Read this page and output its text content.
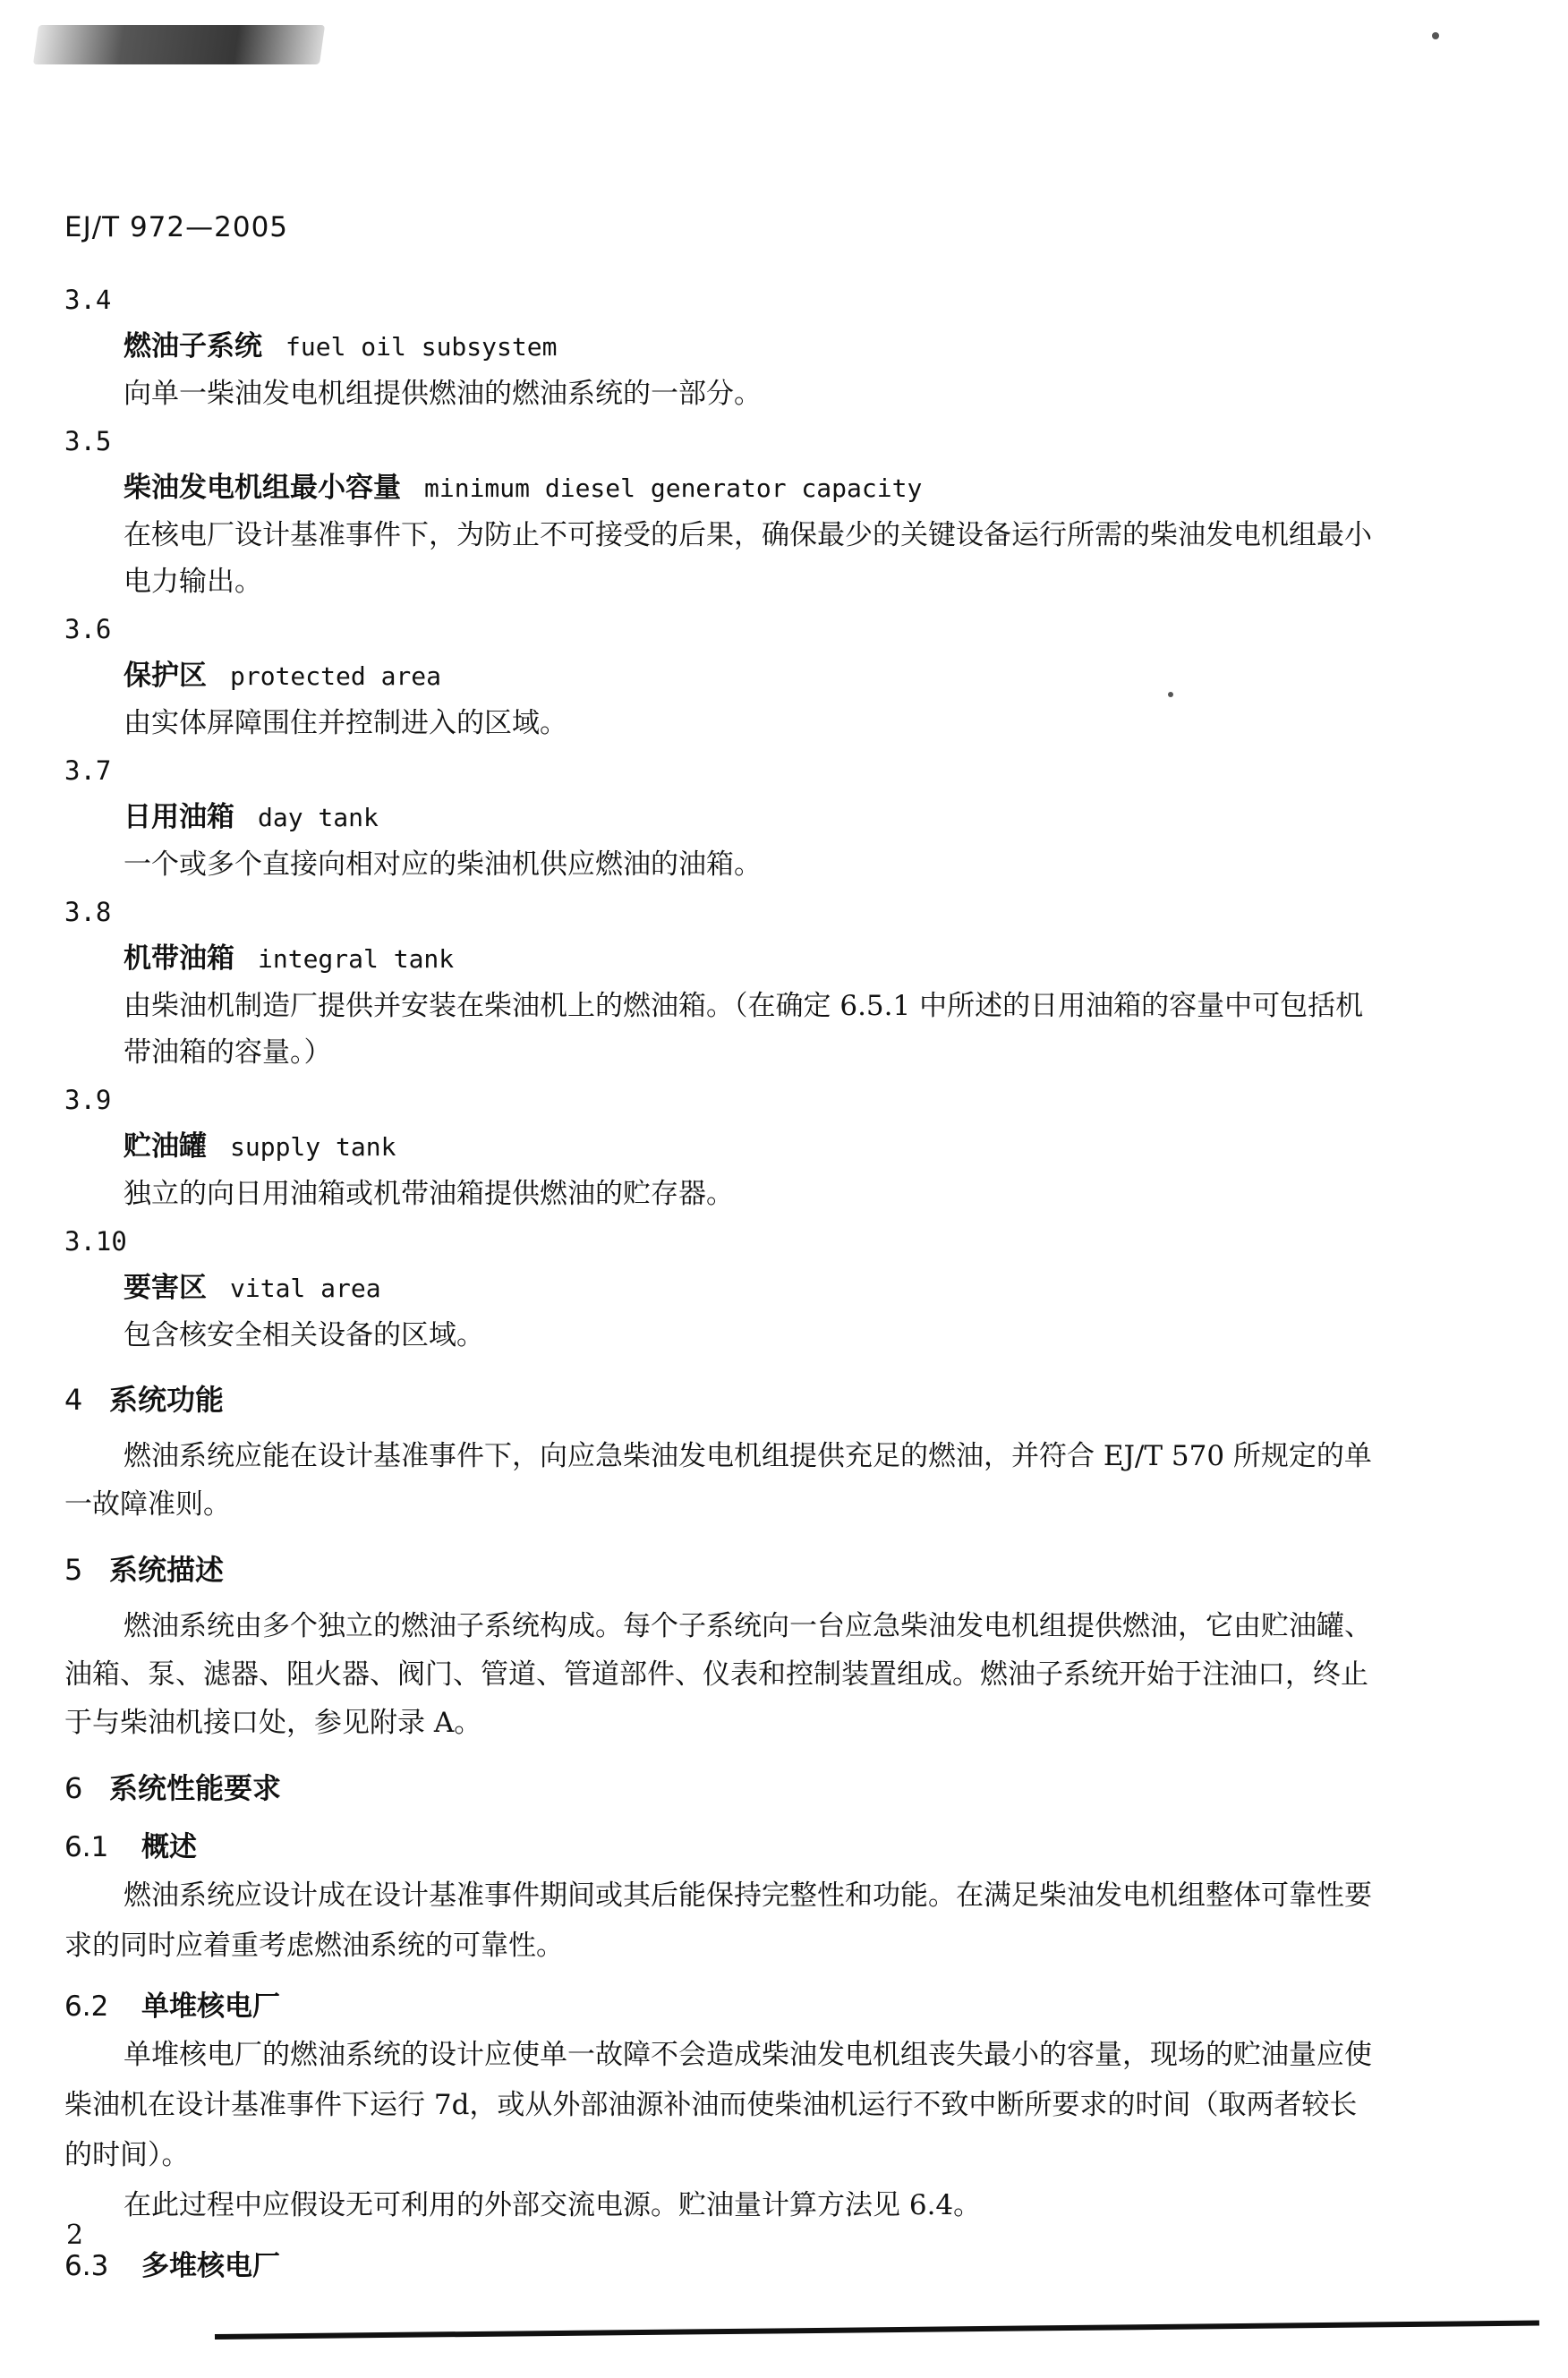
EJ/T 972—2005
3.4
燃油子系统 fuel oil subsystem
向单一柴油发电机组提供燃油的燃油系统的一部分。
3.5
柴油发电机组最小容量 minimum diesel generator capacity
在核电厂设计基准事件下，为防止不可接受的后果，确保最少的关键设备运行所需的柴油发电机组最小电力输出。
3.6
保护区 protected area
由实体屏障围住并控制进入的区域。
3.7
日用油箱 day tank
一个或多个直接向相对应的柴油机供应燃油的油箱。
3.8
机带油箱 integral tank
由柴油机制造厂提供并安装在柴油机上的燃油箱。（在确定 6.5.1 中所述的日用油箱的容量中可包括机带油箱的容量。）
3.9
贮油罐 supply tank
独立的向日用油箱或机带油箱提供燃油的贮存器。
3.10
要害区 vital area
包含核安全相关设备的区域。
4 系统功能
燃油系统应能在设计基准事件下，向应急柴油发电机组提供充足的燃油，并符合 EJ/T 570 所规定的单一故障准则。
5 系统描述
燃油系统由多个独立的燃油子系统构成。每个子系统向一台应急柴油发电机组提供燃油，它由贮油罐、油箱、泵、滤器、阻火器、阀门、管道、管道部件、仪表和控制装置组成。燃油子系统开始于注油口，终止于与柴油机接口处，参见附录 A。
6 系统性能要求
6.1 概述
燃油系统应设计成在设计基准事件期间或其后能保持完整性和功能。在满足柴油发电机组整体可靠性要求的同时应着重考虑燃油系统的可靠性。
6.2 单堆核电厂
单堆核电厂的燃油系统的设计应使单一故障不会造成柴油发电机组丧失最小的容量，现场的贮油量应使柴油机在设计基准事件下运行 7d，或从外部油源补油而使柴油机运行不致中断所要求的时间（取两者较长的时间）。
在此过程中应假设无可利用的外部交流电源。贮油量计算方法见 6.4。
6.3 多堆核电厂
2
